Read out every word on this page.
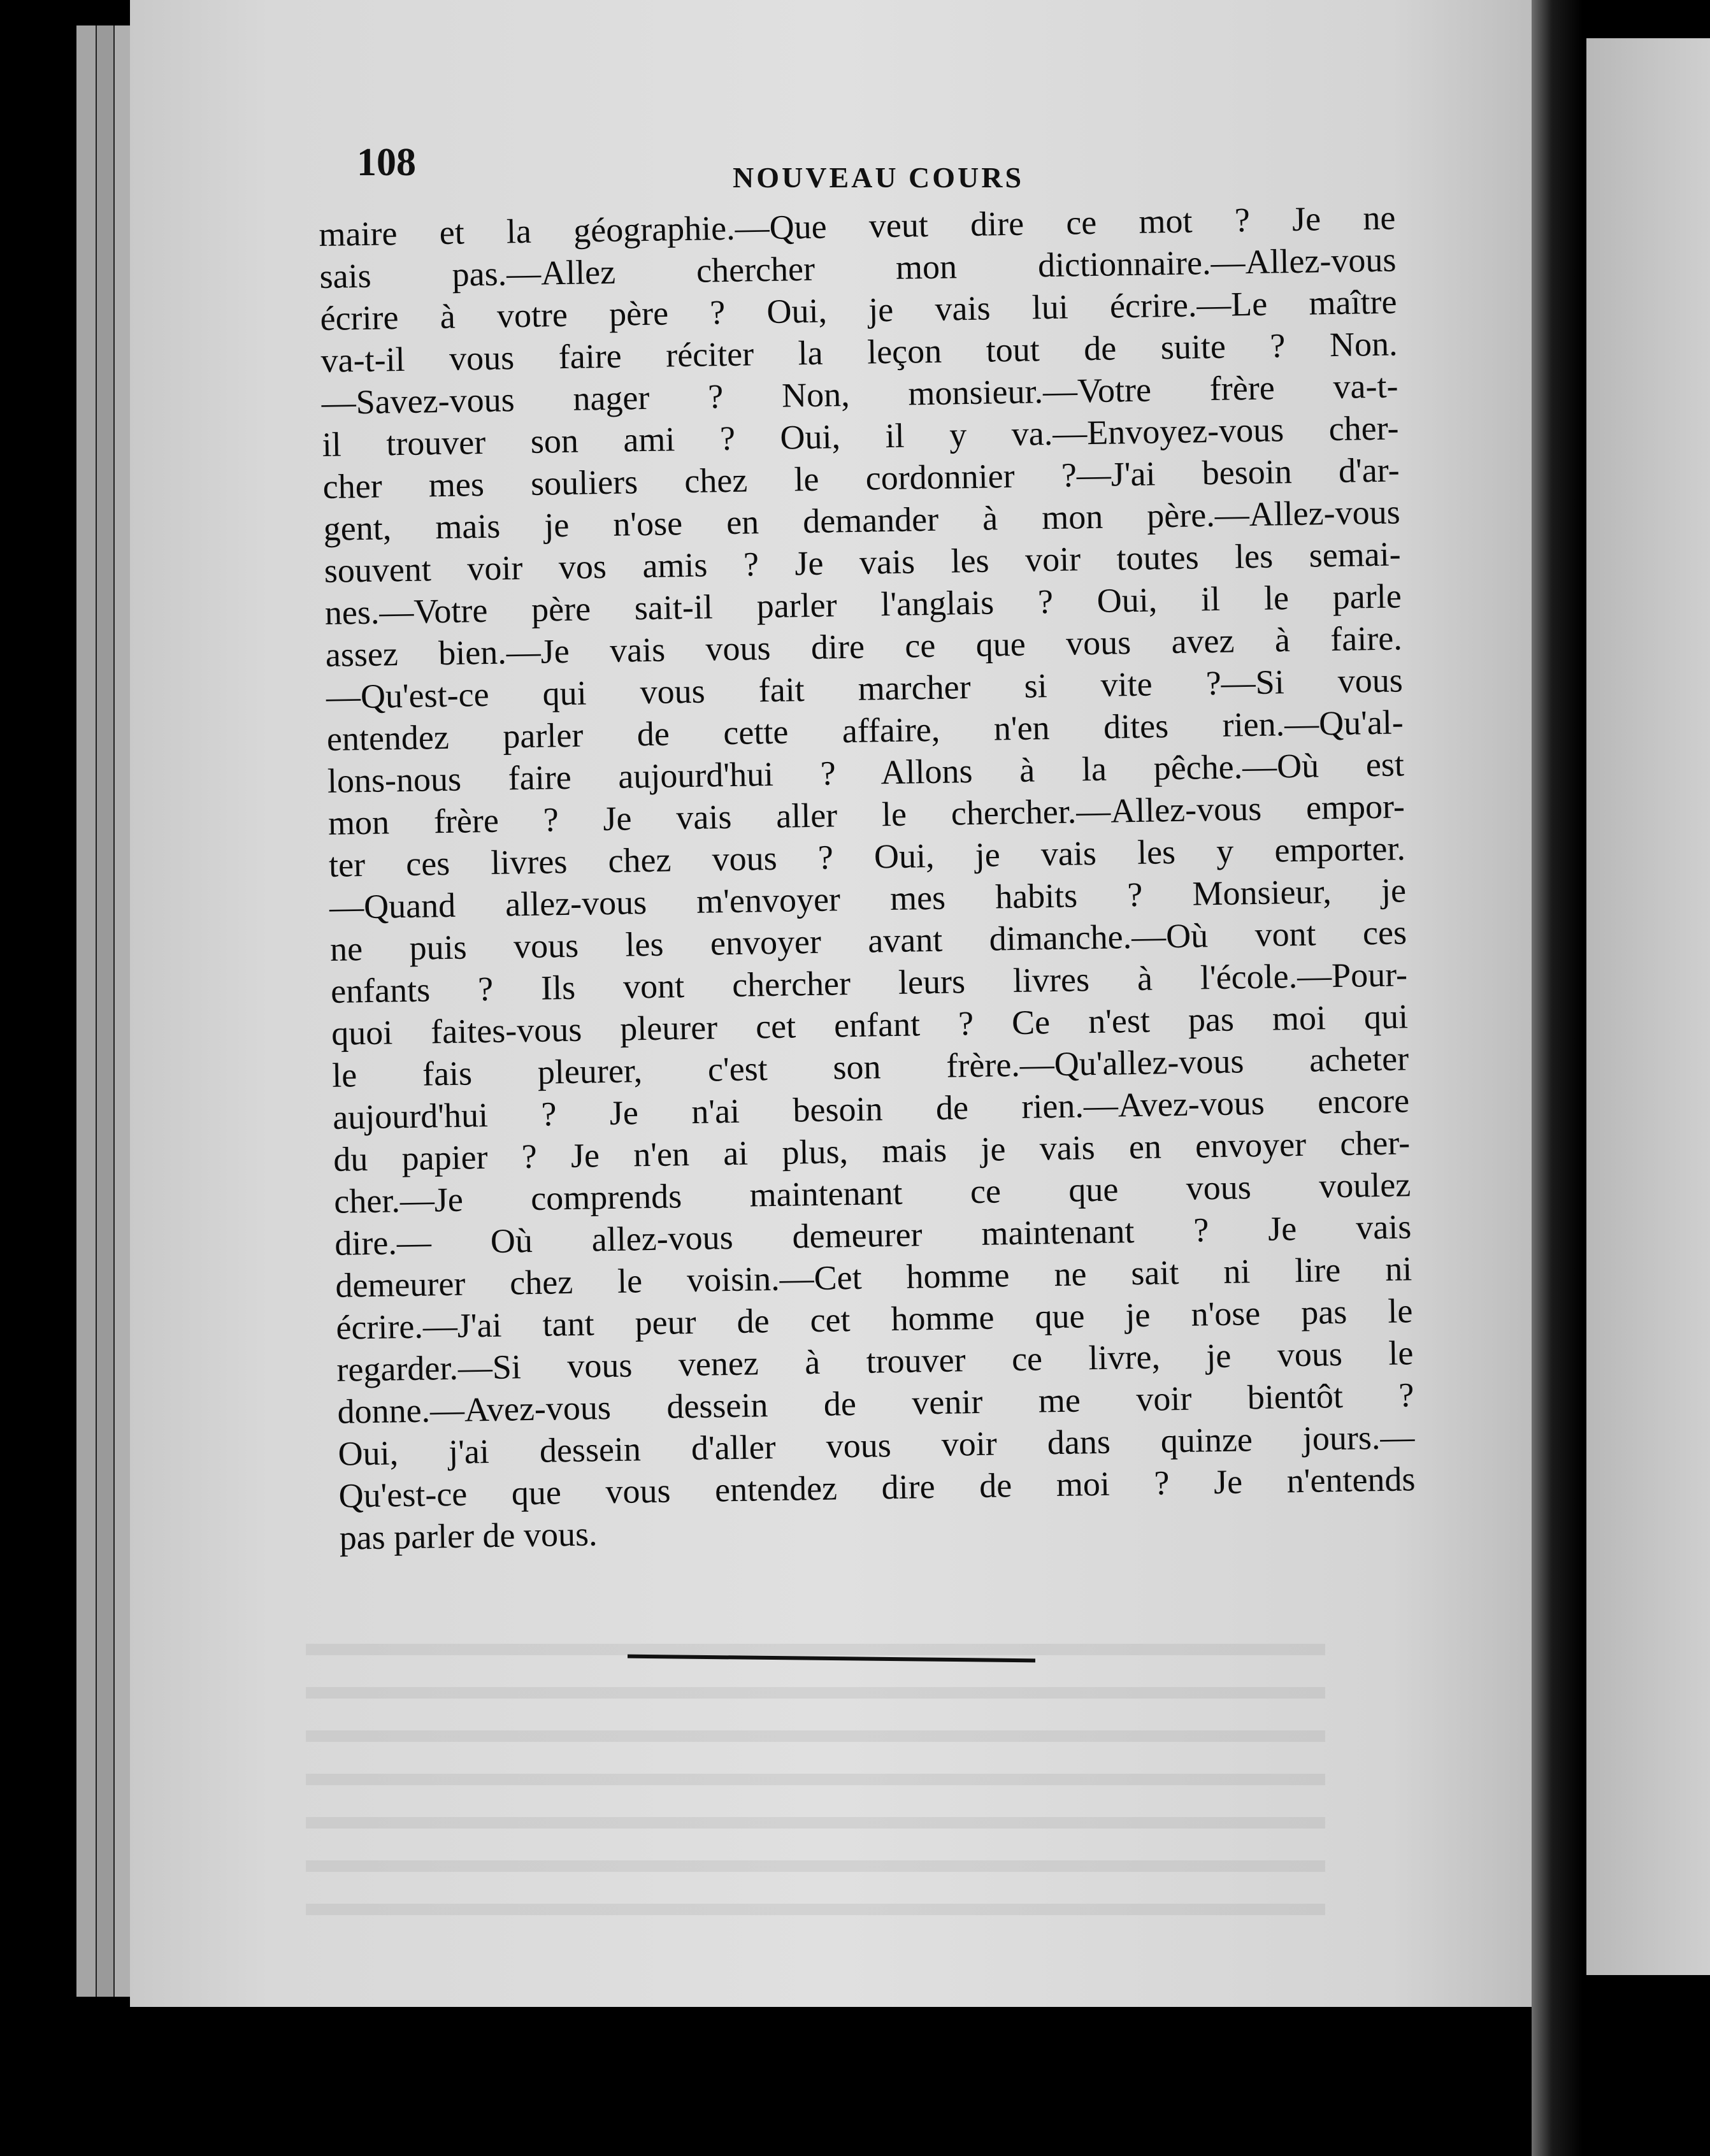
108	NOUVEAU COURS
maire et la géographie.—Que veut dire ce mot ? Je ne
sais pas.—Allez chercher mon dictionnaire.—Allez-vous
écrire à votre père ? Oui, je vais lui écrire.—Le maître
va-t-il vous faire réciter la leçon tout de suite ? Non.
—Savez-vous nager ? Non, monsieur.—Votre frère va-t-
il trouver son ami ? Oui, il y va.—Envoyez-vous cher-
cher mes souliers chez le cordonnier ?—J'ai besoin d'ar-
gent, mais je n'ose en demander à mon père.—Allez-vous
souvent voir vos amis ? Je vais les voir toutes les semai-
nes.—Votre père sait-il parler l'anglais ? Oui, il le parle
assez bien.—Je vais vous dire ce que vous avez à faire.
—Qu'est-ce qui vous fait marcher si vite ?—Si vous
entendez parler de cette affaire, n'en dites rien.—Qu'al-
lons-nous faire aujourd'hui ? Allons à la pêche.—Où est
mon frère ? Je vais aller le chercher.—Allez-vous empor-
ter ces livres chez vous ? Oui, je vais les y emporter.
—Quand allez-vous m'envoyer mes habits ? Monsieur, je
ne puis vous les envoyer avant dimanche.—Où vont ces
enfants ? Ils vont chercher leurs livres à l'école.—Pour-
quoi faites-vous pleurer cet enfant ? Ce n'est pas moi qui
le fais pleurer, c'est son frère.—Qu'allez-vous acheter
aujourd'hui ? Je n'ai besoin de rien.—Avez-vous encore
du papier ? Je n'en ai plus, mais je vais en envoyer cher-
cher.—Je comprends maintenant ce que vous voulez
dire.— Où allez-vous demeurer maintenant ? Je vais
demeurer chez le voisin.—Cet homme ne sait ni lire ni
écrire.—J'ai tant peur de cet homme que je n'ose pas le
regarder.—Si vous venez à trouver ce livre, je vous le
donne.—Avez-vous dessein de venir me voir bientôt ?
Oui, j'ai dessein d'aller vous voir dans quinze jours.—
Qu'est-ce que vous entendez dire de moi ? Je n'entends
pas parler de vous.
